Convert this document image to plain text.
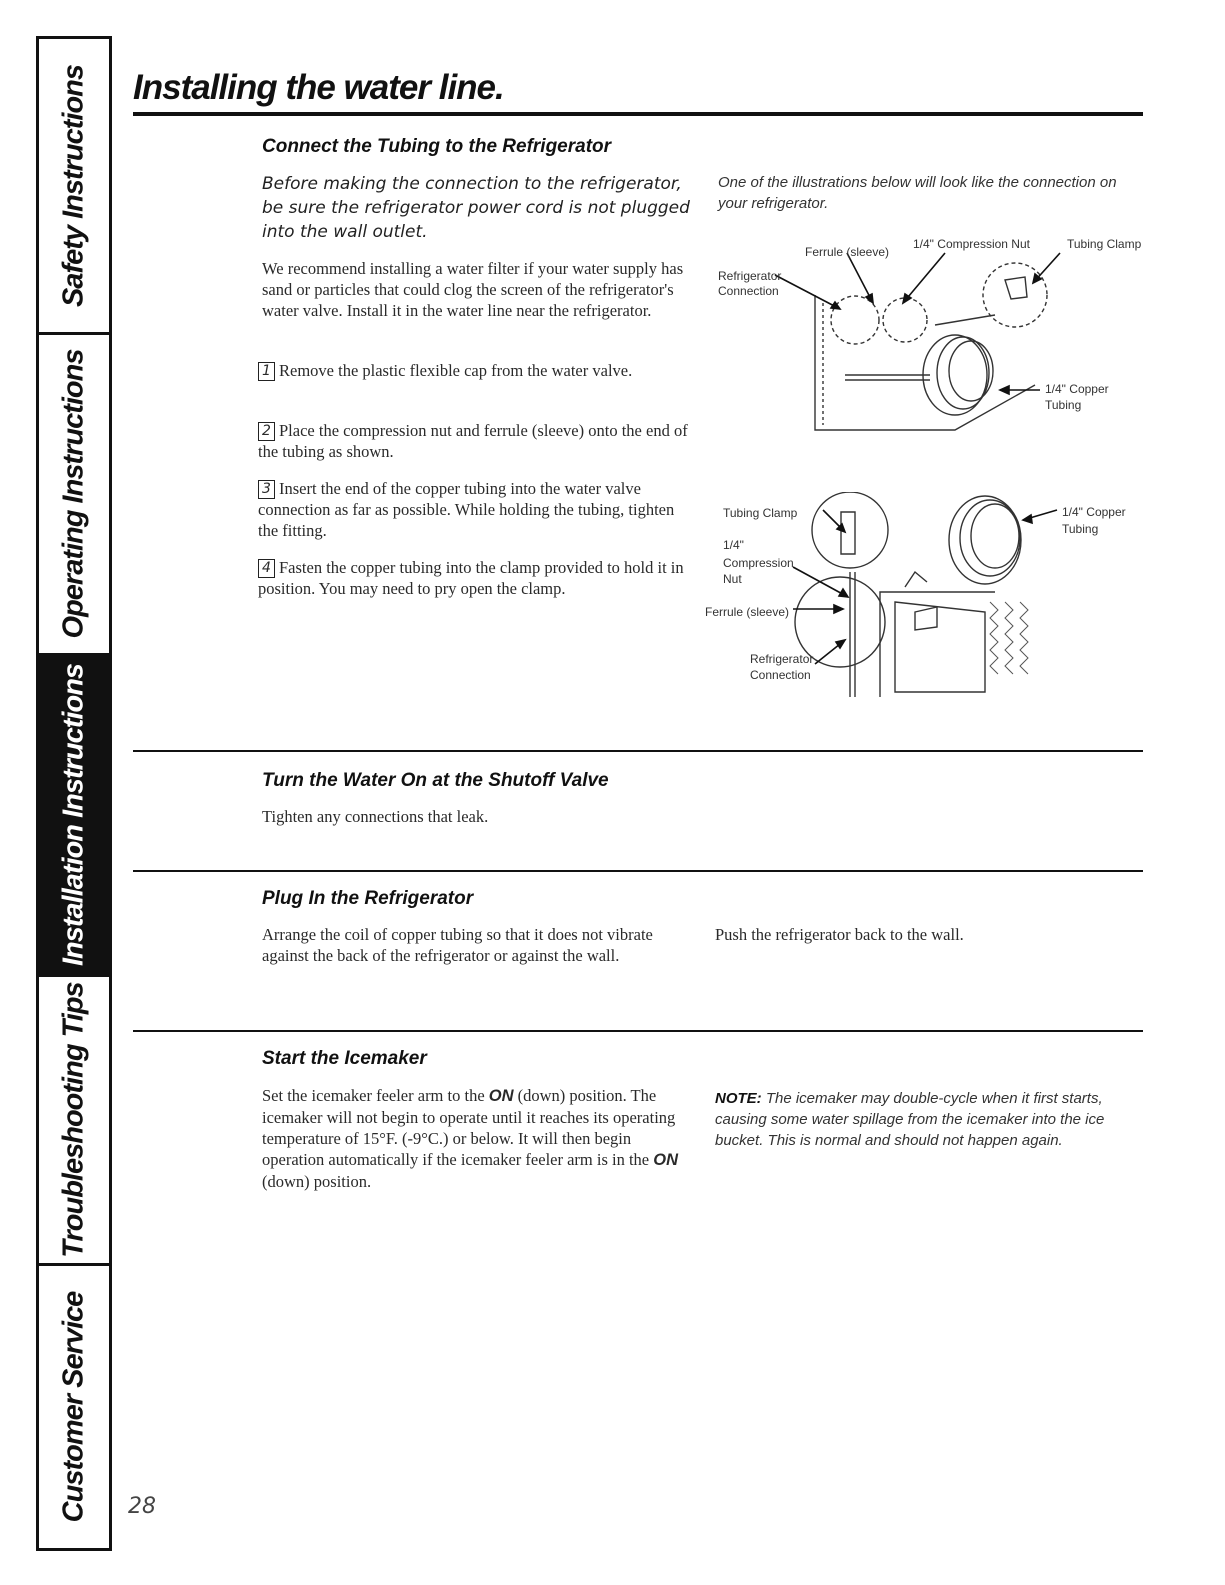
Safety Instructions
Operating Instructions
Installation Instructions
Troubleshooting Tips
Customer Service
Installing the water line.
Connect the Tubing to the Refrigerator
Before making the connection to the refrigerator, be sure the refrigerator power cord is not plugged into the wall outlet.
We recommend installing a water filter if your water supply has sand or particles that could clog the screen of the refrigerator's water valve. Install it in the water line near the refrigerator.
1 Remove the plastic flexible cap from the water valve.
2 Place the compression nut and ferrule (sleeve) onto the end of the tubing as shown.
3 Insert the end of the copper tubing into the water valve connection as far as possible. While holding the tubing, tighten the fitting.
4 Fasten the copper tubing into the clamp provided to hold it in position. You may need to pry open the clamp.
One of the illustrations below will look like the connection on your refrigerator.
Ferrule (sleeve)
1/4" Compression Nut	Tubing Clamp
Refrigerator
Connection
1/4" Copper
Tubing
Tubing Clamp
1/4"
Compression
Nut
Ferrule (sleeve)
Refrigerator
Connection
1/4" Copper
Tubing
Turn the Water On at the Shutoff Valve
Tighten any connections that leak.
Plug In the Refrigerator
Arrange the coil of copper tubing so that it does not vibrate against the back of the refrigerator or against the wall.
Push the refrigerator back to the wall.
Start the Icemaker
Set the icemaker feeler arm to the ON (down) position. The icemaker will not begin to operate until it reaches its operating temperature of 15°F. (-9°C.) or below. It will then begin operation automatically if the icemaker feeler arm is in the ON (down) position.
NOTE: The icemaker may double-cycle when it first starts, causing some water spillage from the icemaker into the ice bucket. This is normal and should not happen again.
28
